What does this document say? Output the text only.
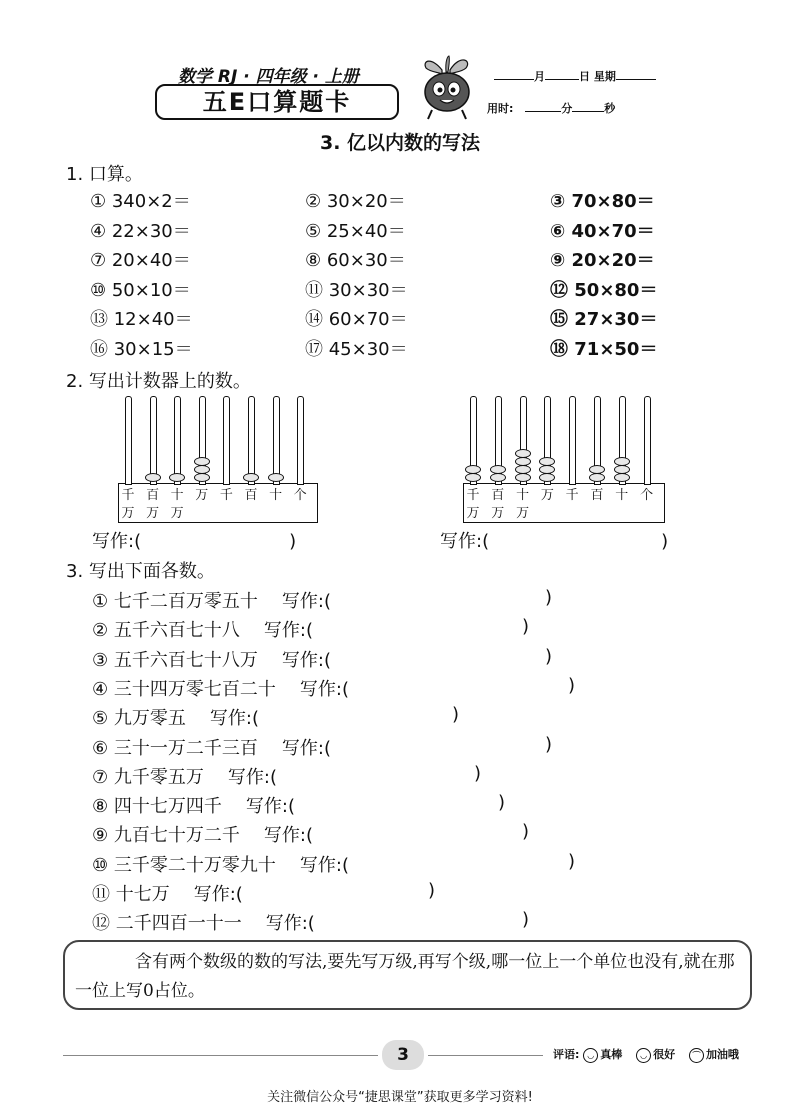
数学 RJ · 四年级 · 上册
五E口算题卡
月	日 星期
用时:	分	秒
3. 亿以内数的写法
1. 口算。
① 340×2＝	② 30×20＝	③ 70×80＝
④ 22×30＝	⑤ 25×40＝	⑥ 40×70＝
⑦ 20×40＝	⑧ 60×30＝	⑨ 20×20＝
⑩ 50×10＝	⑪ 30×30＝	⑫ 50×80＝
⑬ 12×40＝	⑭ 60×70＝	⑮ 27×30＝
⑯ 30×15＝	⑰ 45×30＝	⑱ 71×50＝
2. 写出计数器上的数。
千 百 十 万 千 百 十 个
万 万 万
千 百 十 万 千 百 十 个
万 万 万
写作:(	)	写作:(	)
3. 写出下面各数。
① 七千二百万零五十 写作:(	)
② 五千六百七十八 写作:(	)
③ 五千六百七十八万 写作:(	)
④ 三十四万零七百二十 写作:(	)
⑤ 九万零五 写作:(	)
⑥ 三十一万二千三百 写作:(	)
⑦ 九千零五万 写作:(	)
⑧ 四十七万四千 写作:(	)
⑨ 九百七十万二千 写作:(	)
⑩ 三千零二十万零九十 写作:(	)
⑪ 十七万 写作:(	)
⑫ 二千四百一十一 写作:(	)
含有两个数级的数的写法,要先写万级,再写个级,哪一位上一个单位也没有,就在那一位上写0占位。
3	评语: ◡ 真棒 ◡ 很好 ⌒ 加油哦
关注微信公众号“捷思课堂”获取更多学习资料!
